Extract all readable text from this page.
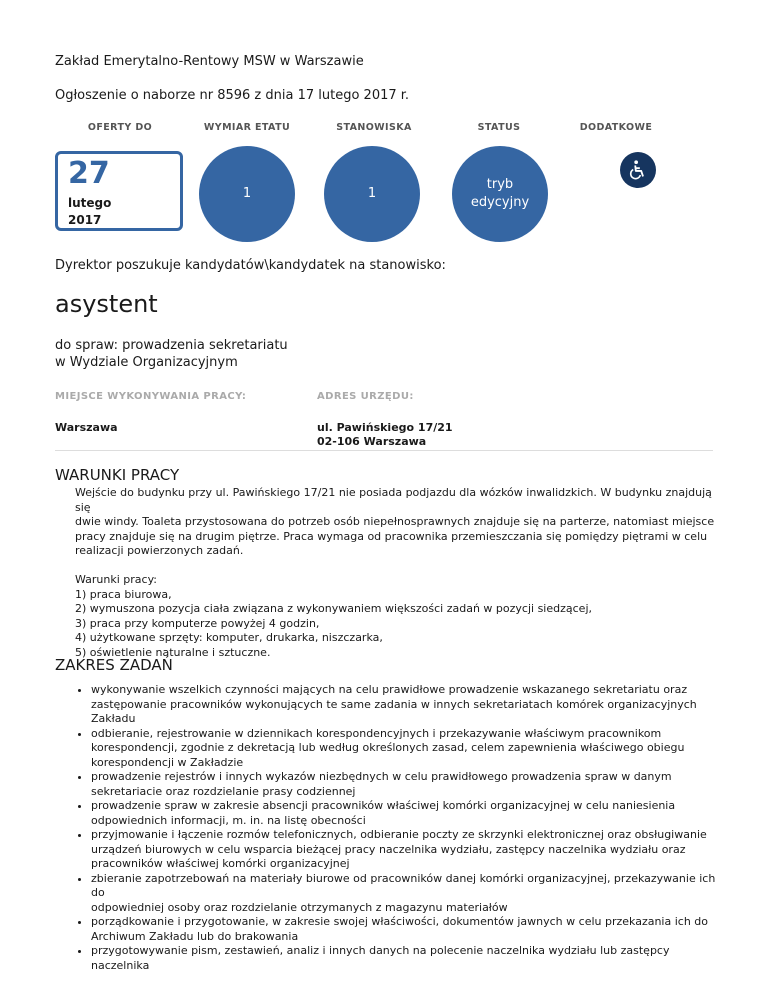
Zakład Emerytalno-Rentowy MSW w Warszawie
Ogłoszenie o naborze nr 8596 z dnia 17 lutego 2017 r.
OFERTY DO	WYMIAR ETATU	STANOWISKA	STATUS	DODATKOWE
27
lutego
2017
1	1
tryb edycyjny
Dyrektor poszukuje kandydatów\kandydatek na stanowisko:
asystent
do spraw: prowadzenia sekretariatu
w Wydziale Organizacyjnym
MIEJSCE WYKONYWANIA PRACY:	ADRES URZĘDU:
Warszawa	ul. Pawińskiego 17/21
02-106 Warszawa
WARUNKI PRACY
Wejście do budynku przy ul. Pawińskiego 17/21 nie posiada podjazdu dla wózków inwalidzkich. W budynku znajdują się
dwie windy. Toaleta przystosowana do potrzeb osób niepełnosprawnych znajduje się na parterze, natomiast miejsce
pracy znajduje się na drugim piętrze. Praca wymaga od pracownika przemieszczania się pomiędzy piętrami w celu
realizacji powierzonych zadań.
Warunki pracy:
1) praca biurowa,
2) wymuszona pozycja ciała związana z wykonywaniem większości zadań w pozycji siedzącej,
3) praca przy komputerze powyżej 4 godzin,
4) użytkowane sprzęty: komputer, drukarka, niszczarka,
5) oświetlenie naturalne i sztuczne.
ZAKRES ZADAŃ
• wykonywanie wszelkich czynności mających na celu prawidłowe prowadzenie wskazanego sekretariatu oraz
zastępowanie pracowników wykonujących te same zadania w innych sekretariatach komórek organizacyjnych
Zakładu
• odbieranie, rejestrowanie w dziennikach korespondencyjnych i przekazywanie właściwym pracownikom
korespondencji, zgodnie z dekretacją lub według określonych zasad, celem zapewnienia właściwego obiegu
korespondencji w Zakładzie
• prowadzenie rejestrów i innych wykazów niezbędnych w celu prawidłowego prowadzenia spraw w danym
sekretariacie oraz rozdzielanie prasy codziennej
• prowadzenie spraw w zakresie absencji pracowników właściwej komórki organizacyjnej w celu naniesienia
odpowiednich informacji, m. in. na listę obecności
• przyjmowanie i łączenie rozmów telefonicznych, odbieranie poczty ze skrzynki elektronicznej oraz obsługiwanie
urządzeń biurowych w celu wsparcia bieżącej pracy naczelnika wydziału, zastępcy naczelnika wydziału oraz
pracowników właściwej komórki organizacyjnej
• zbieranie zapotrzebowań na materiały biurowe od pracowników danej komórki organizacyjnej, przekazywanie ich do
odpowiedniej osoby oraz rozdzielanie otrzymanych z magazynu materiałów
• porządkowanie i przygotowanie, w zakresie swojej właściwości, dokumentów jawnych w celu przekazania ich do
Archiwum Zakładu lub do brakowania
• przygotowywanie pism, zestawień, analiz i innych danych na polecenie naczelnika wydziału lub zastępcy naczelnika
